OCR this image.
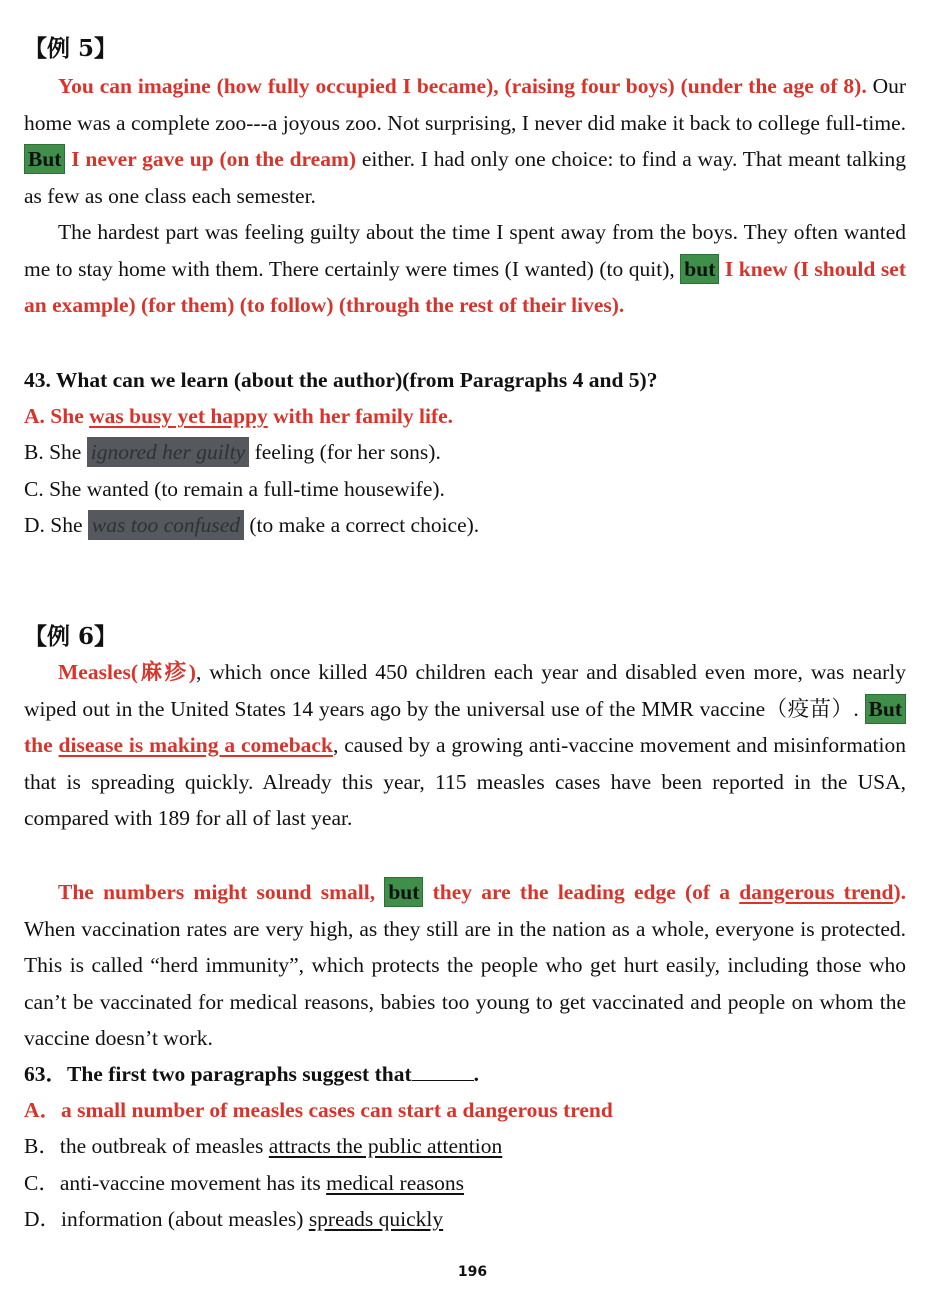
【例 5】

You can imagine (how fully occupied I became), (raising four boys) (under the age of 8). Our home was a complete zoo---a joyous zoo. Not surprising, I never did make it back to college full-time. But I never gave up (on the dream) either. I had only one choice: to find a way. That meant talking as few as one class each semester.

The hardest part was feeling guilty about the time I spent away from the boys. They often wanted me to stay home with them. There certainly were times (I wanted) (to quit), but I knew (I should set an example) (for them) (to follow) (through the rest of their lives).

43. What can we learn (about the author)(from Paragraphs 4 and 5)?

A. She was busy yet happy with her family life.

B. She ignored her guilty feeling (for her sons).

C. She wanted (to remain a full-time housewife).

D. She was too confused (to make a correct choice).

【例 6】

Measles(麻疹), which once killed 450 children each year and disabled even more, was nearly wiped out in the United States 14 years ago by the universal use of the MMR vaccine（疫苗）. But the disease is making a comeback, caused by a growing anti-vaccine movement and misinformation that is spreading quickly. Already this year, 115 measles cases have been reported in the USA, compared with 189 for all of last year.

The numbers might sound small, but they are the leading edge (of a dangerous trend). When vaccination rates are very high, as they still are in the nation as a whole, everyone is protected. This is called “herd immunity”, which protects the people who get hurt easily, including those who can’t be vaccinated for medical reasons, babies too young to get vaccinated and people on whom the vaccine doesn’t work.

63．The first two paragraphs suggest that	.

A．a small number of measles cases can start a dangerous trend

B．the outbreak of measles attracts the public attention

C．anti-vaccine movement has its medical reasons

D．information (about measles) spreads quickly

196
